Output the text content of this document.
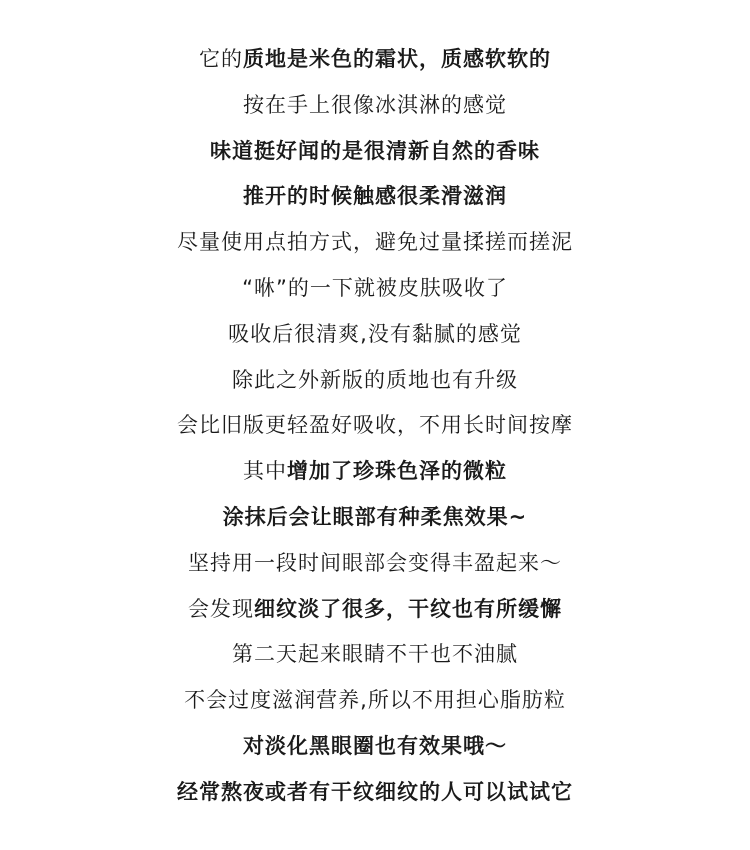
它的质地是米色的霜状，质感软软的

按在手上很像冰淇淋的感觉

味道挺好闻的是很清新自然的香味

推开的时候触感很柔滑滋润

尽量使用点拍方式，避免过量揉搓而搓泥

“咻”的一下就被皮肤吸收了

吸收后很清爽,没有黏腻的感觉

除此之外新版的质地也有升级

会比旧版更轻盈好吸收，不用长时间按摩

其中增加了珍珠色泽的微粒

涂抹后会让眼部有种柔焦效果~

坚持用一段时间眼部会变得丰盈起来～

会发现细纹淡了很多，干纹也有所缓懈

第二天起来眼睛不干也不油腻

不会过度滋润营养,所以不用担心脂肪粒

对淡化黑眼圈也有效果哦～

经常熬夜或者有干纹细纹的人可以试试它
